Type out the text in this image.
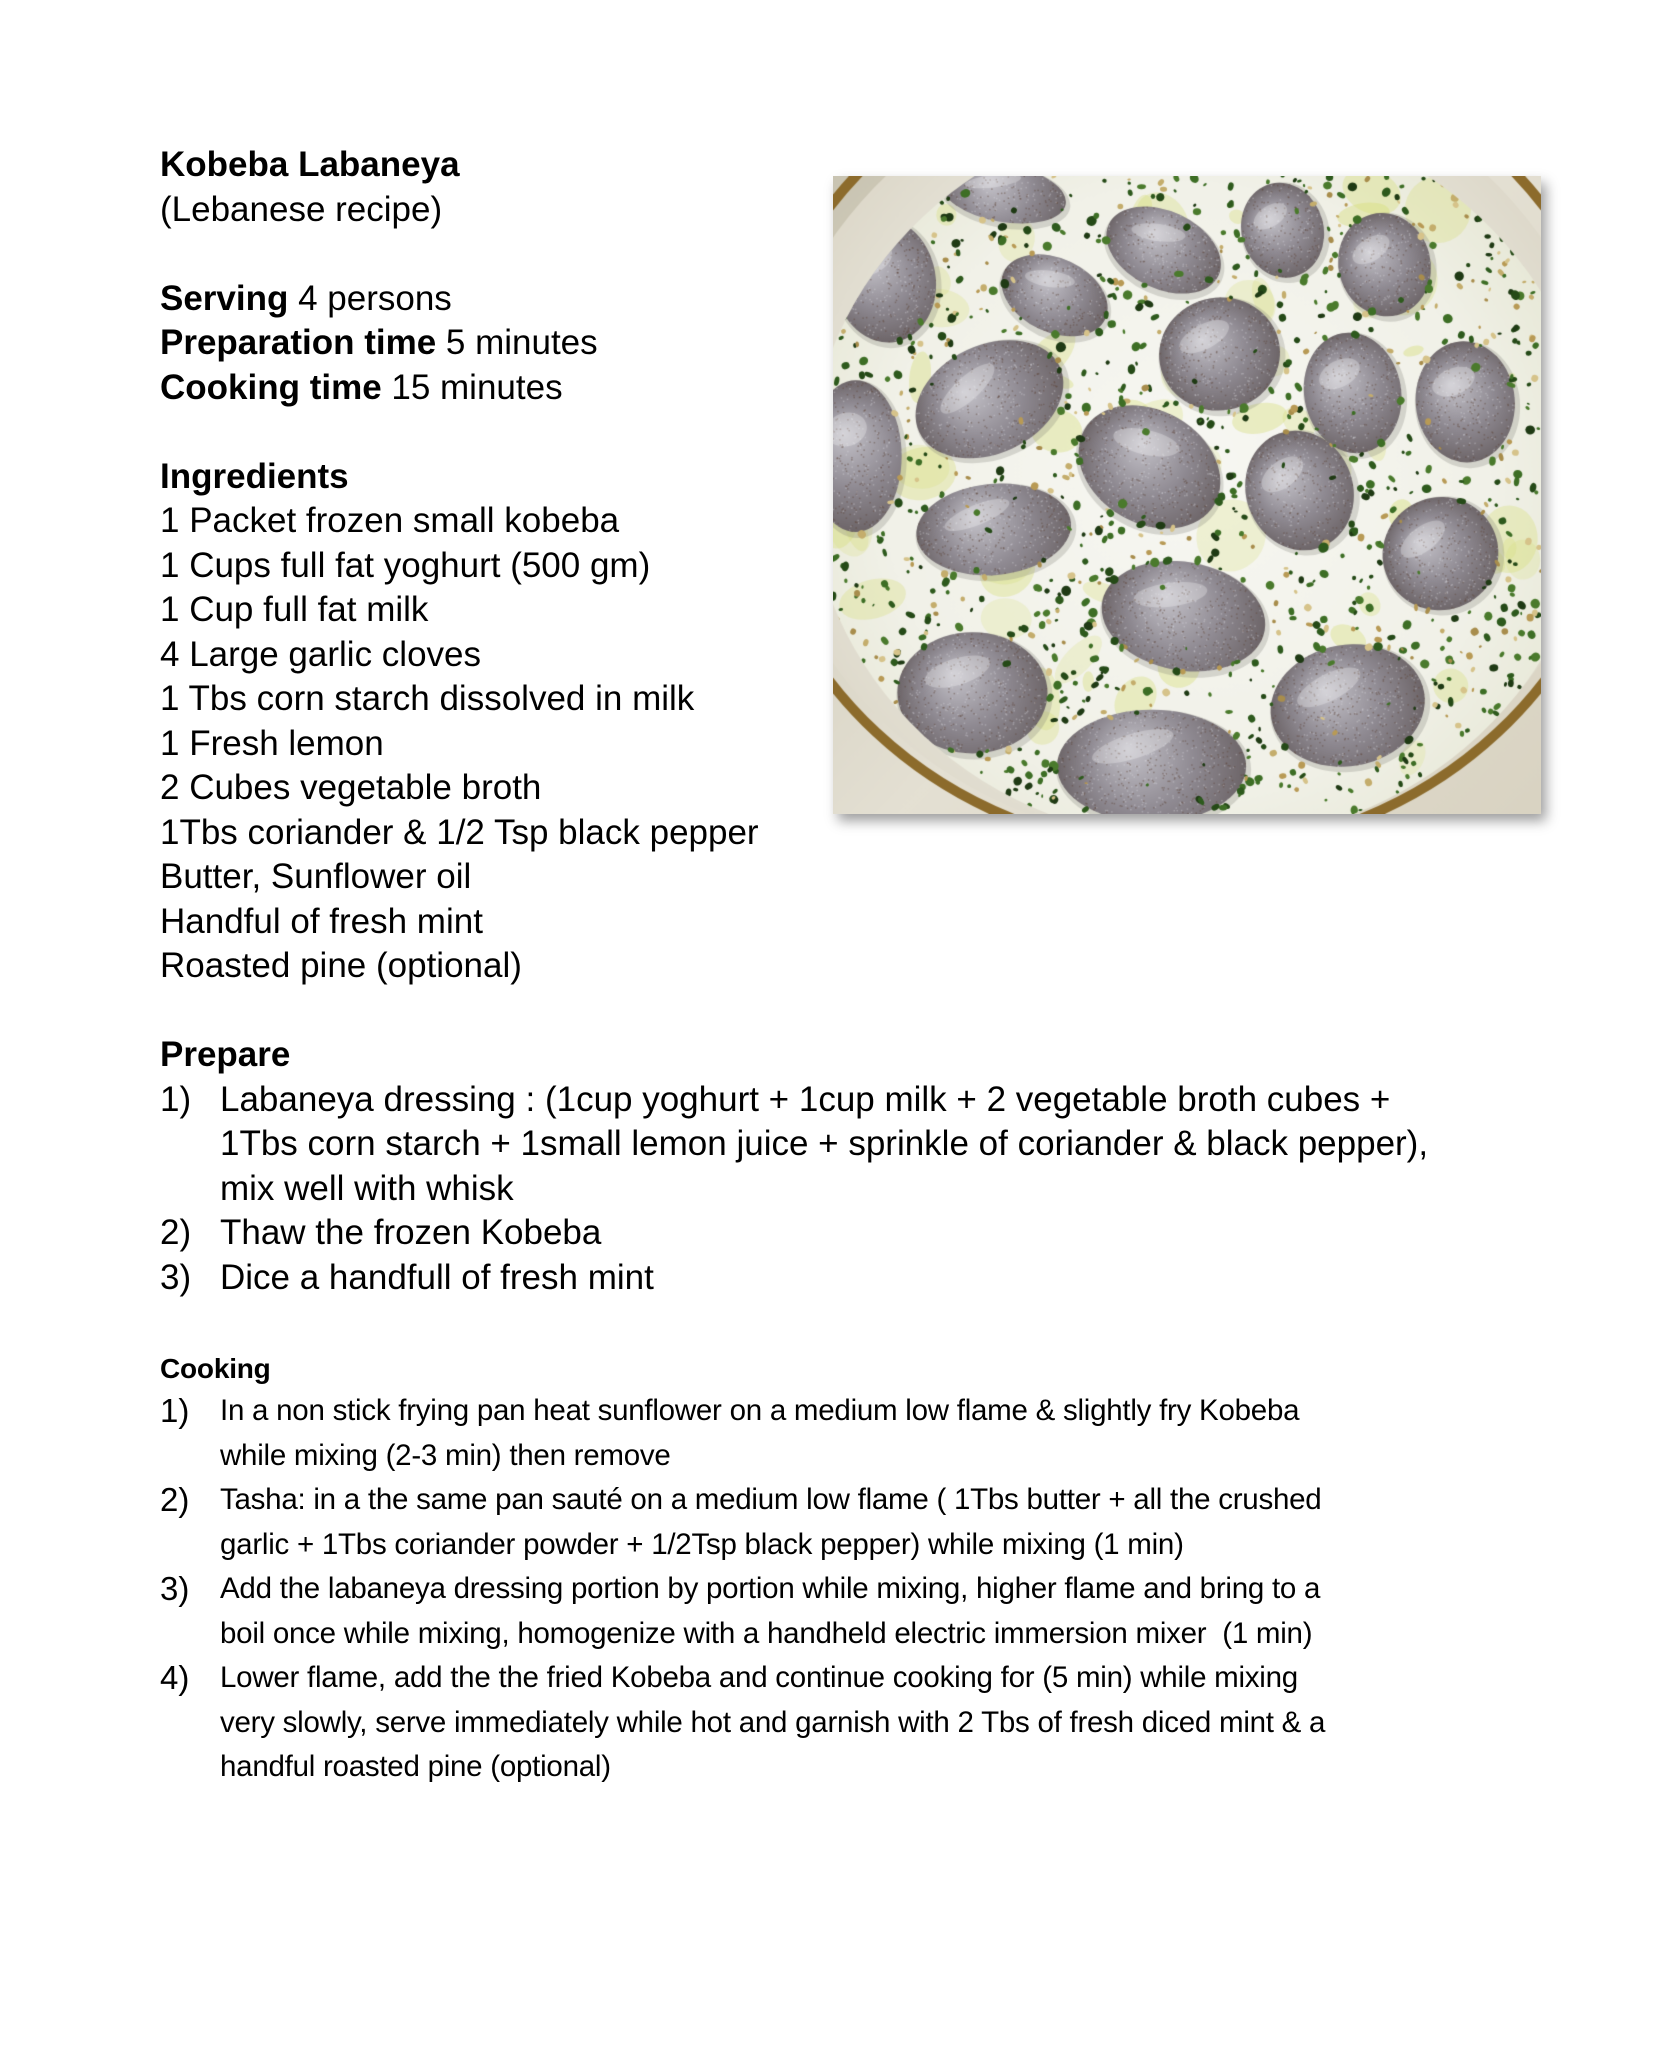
Kobeba Labaneya
(Lebanese recipe)
Serving 4 persons
Preparation time 5 minutes
Cooking time 15 minutes
Ingredients
1 Packet frozen small kobeba
1 Cups full fat yoghurt (500 gm)
1 Cup full fat milk
4 Large garlic cloves
1 Tbs corn starch dissolved in milk
1 Fresh lemon
2 Cubes vegetable broth
1Tbs coriander & 1/2 Tsp black pepper
Butter, Sunflower oil
Handful of fresh mint
Roasted pine (optional)
Prepare
1) Labaneya dressing : (1cup yoghurt + 1cup milk + 2 vegetable broth cubes +
1Tbs corn starch + 1small lemon juice + sprinkle of coriander & black pepper),
mix well with whisk
2) Thaw the frozen Kobeba
3) Dice a handfull of fresh mint
Cooking
1) In a non stick frying pan heat sunflower on a medium low flame & slightly fry Kobeba
while mixing (2-3 min) then remove
2) Tasha: in a the same pan sauté on a medium low flame ( 1Tbs butter + all the crushed
garlic + 1Tbs coriander powder + 1/2Tsp black pepper) while mixing (1 min)
3) Add the labaneya dressing portion by portion while mixing, higher flame and bring to a
boil once while mixing, homogenize with a handheld electric immersion mixer  (1 min)
4) Lower flame, add the the fried Kobeba and continue cooking for (5 min) while mixing
very slowly, serve immediately while hot and garnish with 2 Tbs of fresh diced mint & a
handful roasted pine (optional)
